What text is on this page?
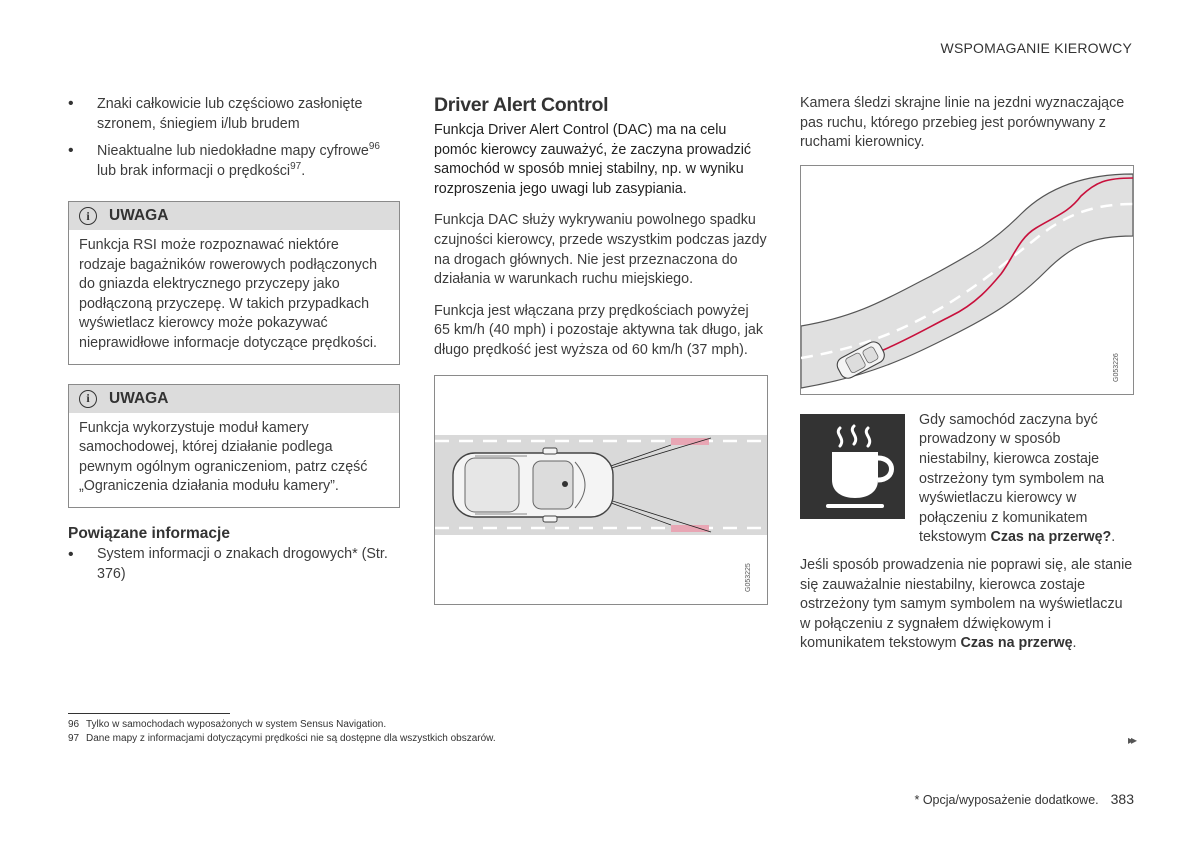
WSPOMAGANIE KIEROWCY
• Znaki całkowicie lub częściowo zasłonięte szronem, śniegiem i/lub brudem
• Nieaktualne lub niedokładne mapy cyfrowe$^{96}$ lub brak informacji o prędkości$^{97}$.
i	UWAGA
Funkcja RSI może rozpoznawać niektóre rodzaje bagażników rowerowych podłączonych do gniazda elektrycznego przyczepy jako podłączoną przyczepę. W takich przypadkach wyświetlacz kierowcy może pokazywać nieprawidłowe informacje dotyczące prędkości.
i	UWAGA
Funkcja wykorzystuje moduł kamery samochodowej, której działanie podlega pewnym ogólnym ograniczeniom, patrz część „Ograniczenia działania modułu kamery”.
Powiązane informacje
• System informacji o znakach drogowych* (Str. 376)
Driver Alert Control
Funkcja Driver Alert Control (DAC) ma na celu pomóc kierowcy zauważyć, że zaczyna prowadzić samochód w sposób mniej stabilny, np. w wyniku rozproszenia jego uwagi lub zasypiania.
Funkcja DAC służy wykrywaniu powolnego spadku czujności kierowcy, przede wszystkim podczas jazdy na drogach głównych. Nie jest przeznaczona do działania w warunkach ruchu miejskiego.
Funkcja jest włączana przy prędkościach powyżej 65 km/h (40 mph) i pozostaje aktywna tak długo, jak długo prędkość jest wyższa od 60 km/h (37 mph).
G053225
Kamera śledzi skrajne linie na jezdni wyznaczające pas ruchu, którego przebieg jest porównywany z ruchami kierownicy.
G053226
Gdy samochód zaczyna być prowadzony w sposób niestabilny, kierowca zostaje ostrzeżony tym symbolem na wyświetlaczu kierowcy w połączeniu z komunikatem tekstowym Czas na przerwę?.
Jeśli sposób prowadzenia nie poprawi się, ale stanie się zauważalnie niestabilny, kierowca zostaje ostrzeżony tym samym symbolem na wyświetlaczu w połączeniu z sygnałem dźwiękowym i komunikatem tekstowym Czas na przerwę.
96 Tylko w samochodach wyposażonych w system Sensus Navigation.
97 Dane mapy z informacjami dotyczącymi prędkości nie są dostępne dla wszystkich obszarów.	▸▸
* Opcja/wyposażenie dodatkowe. 383
